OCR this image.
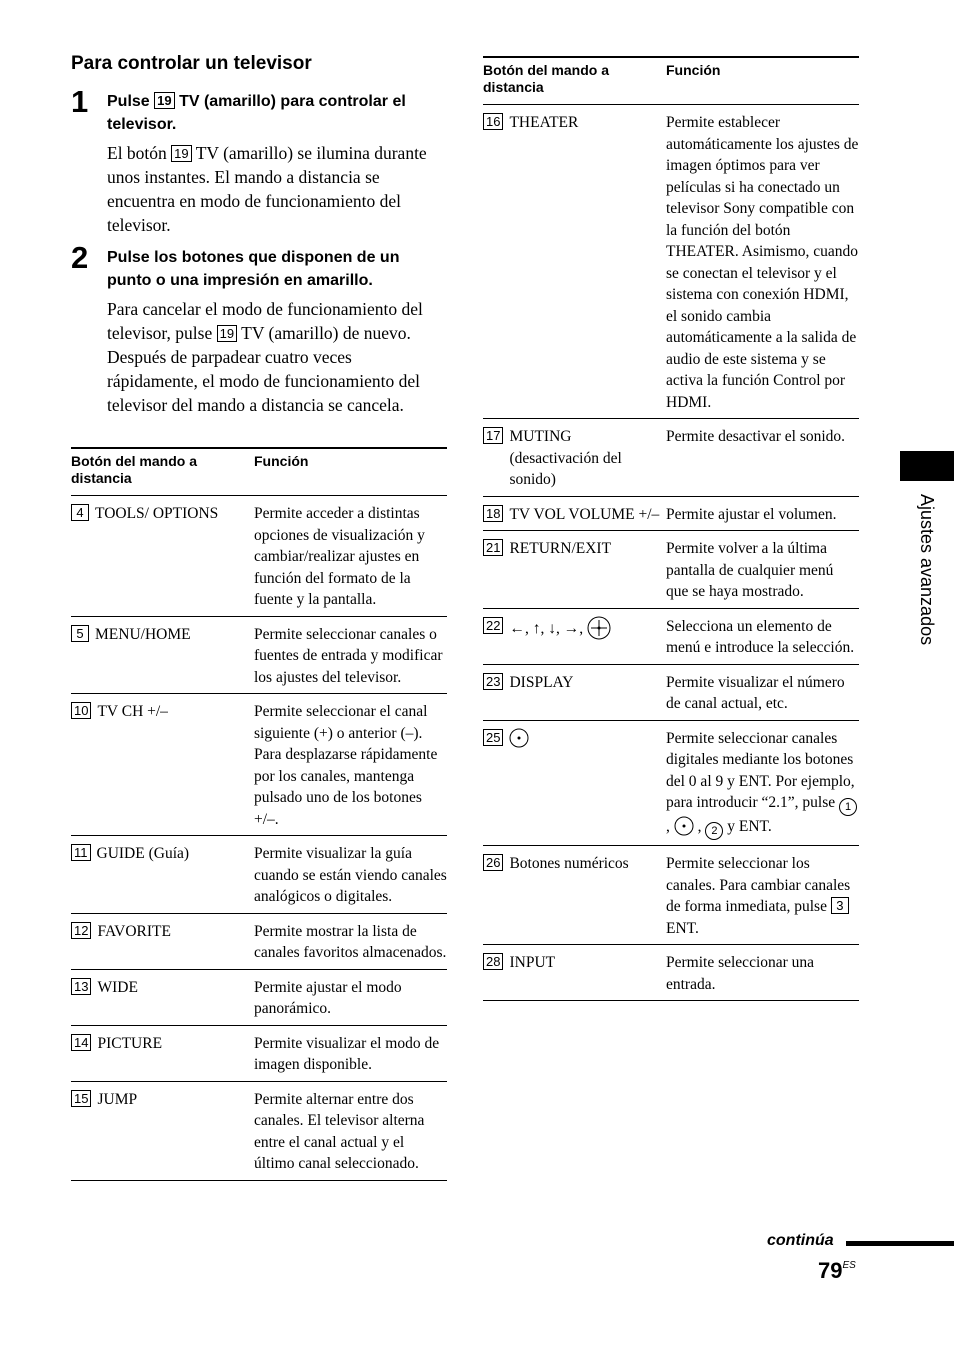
Para controlar un televisor
1 Pulse 19 TV (amarillo) para controlar el televisor.
El botón 19 TV (amarillo) se ilumina durante unos instantes. El mando a distancia se encuentra en modo de funcionamiento del televisor.
2 Pulse los botones que disponen de un punto o una impresión en amarillo.
Para cancelar el modo de funcionamiento del televisor, pulse 19 TV (amarillo) de nuevo. Después de parpadear cuatro veces rápidamente, el modo de funcionamiento del televisor del mando a distancia se cancela.
Botón del mando a distancia	Función
4 TOOLS/ OPTIONS	Permite acceder a distintas opciones de visualización y cambiar/realizar ajustes en función del formato de la fuente y la pantalla.
5 MENU/HOME	Permite seleccionar canales o fuentes de entrada y modificar los ajustes del televisor.
10 TV CH +/–	Permite seleccionar el canal siguiente (+) o anterior (–). Para desplazarse rápidamente por los canales, mantenga pulsado uno de los botones +/–.
11 GUIDE (Guía)	Permite visualizar la guía cuando se están viendo canales analógicos o digitales.
12 FAVORITE	Permite mostrar la lista de canales favoritos almacenados.
13 WIDE	Permite ajustar el modo panorámico.
14 PICTURE	Permite visualizar el modo de imagen disponible.
15 JUMP	Permite alternar entre dos canales. El televisor alterna entre el canal actual y el último canal seleccionado.
Botón del mando a distancia	Función
16 THEATER	Permite establecer automáticamente los ajustes de imagen óptimos para ver películas si ha conectado un televisor Sony compatible con la función del botón THEATER. Asimismo, cuando se conectan el televisor y el sistema con conexión HDMI, el sonido cambia automáticamente a la salida de audio de este sistema y se activa la función Control por HDMI.
17 MUTING (desactivación del sonido)	Permite desactivar el sonido.
18 TV VOL VOLUME +/–	Permite ajustar el volumen.
21 RETURN/EXIT	Permite volver a la última pantalla de cualquier menú que se haya mostrado.
22 ←, ↑, ↓, →,	Selecciona un elemento de menú e introduce la selección.
23 DISPLAY	Permite visualizar el número de canal actual, etc.
25	Permite seleccionar canales digitales mediante los botones del 0 al 9 y ENT. Por ejemplo, para introducir “2.1”, pulse 1 ,  , 2 y ENT.
26 Botones numéricos	Permite seleccionar los canales. Para cambiar canales de forma inmediata, pulse 3 ENT.
28 INPUT	Permite seleccionar una entrada.
Ajustes avanzados
continúa
$79^{ES}$
